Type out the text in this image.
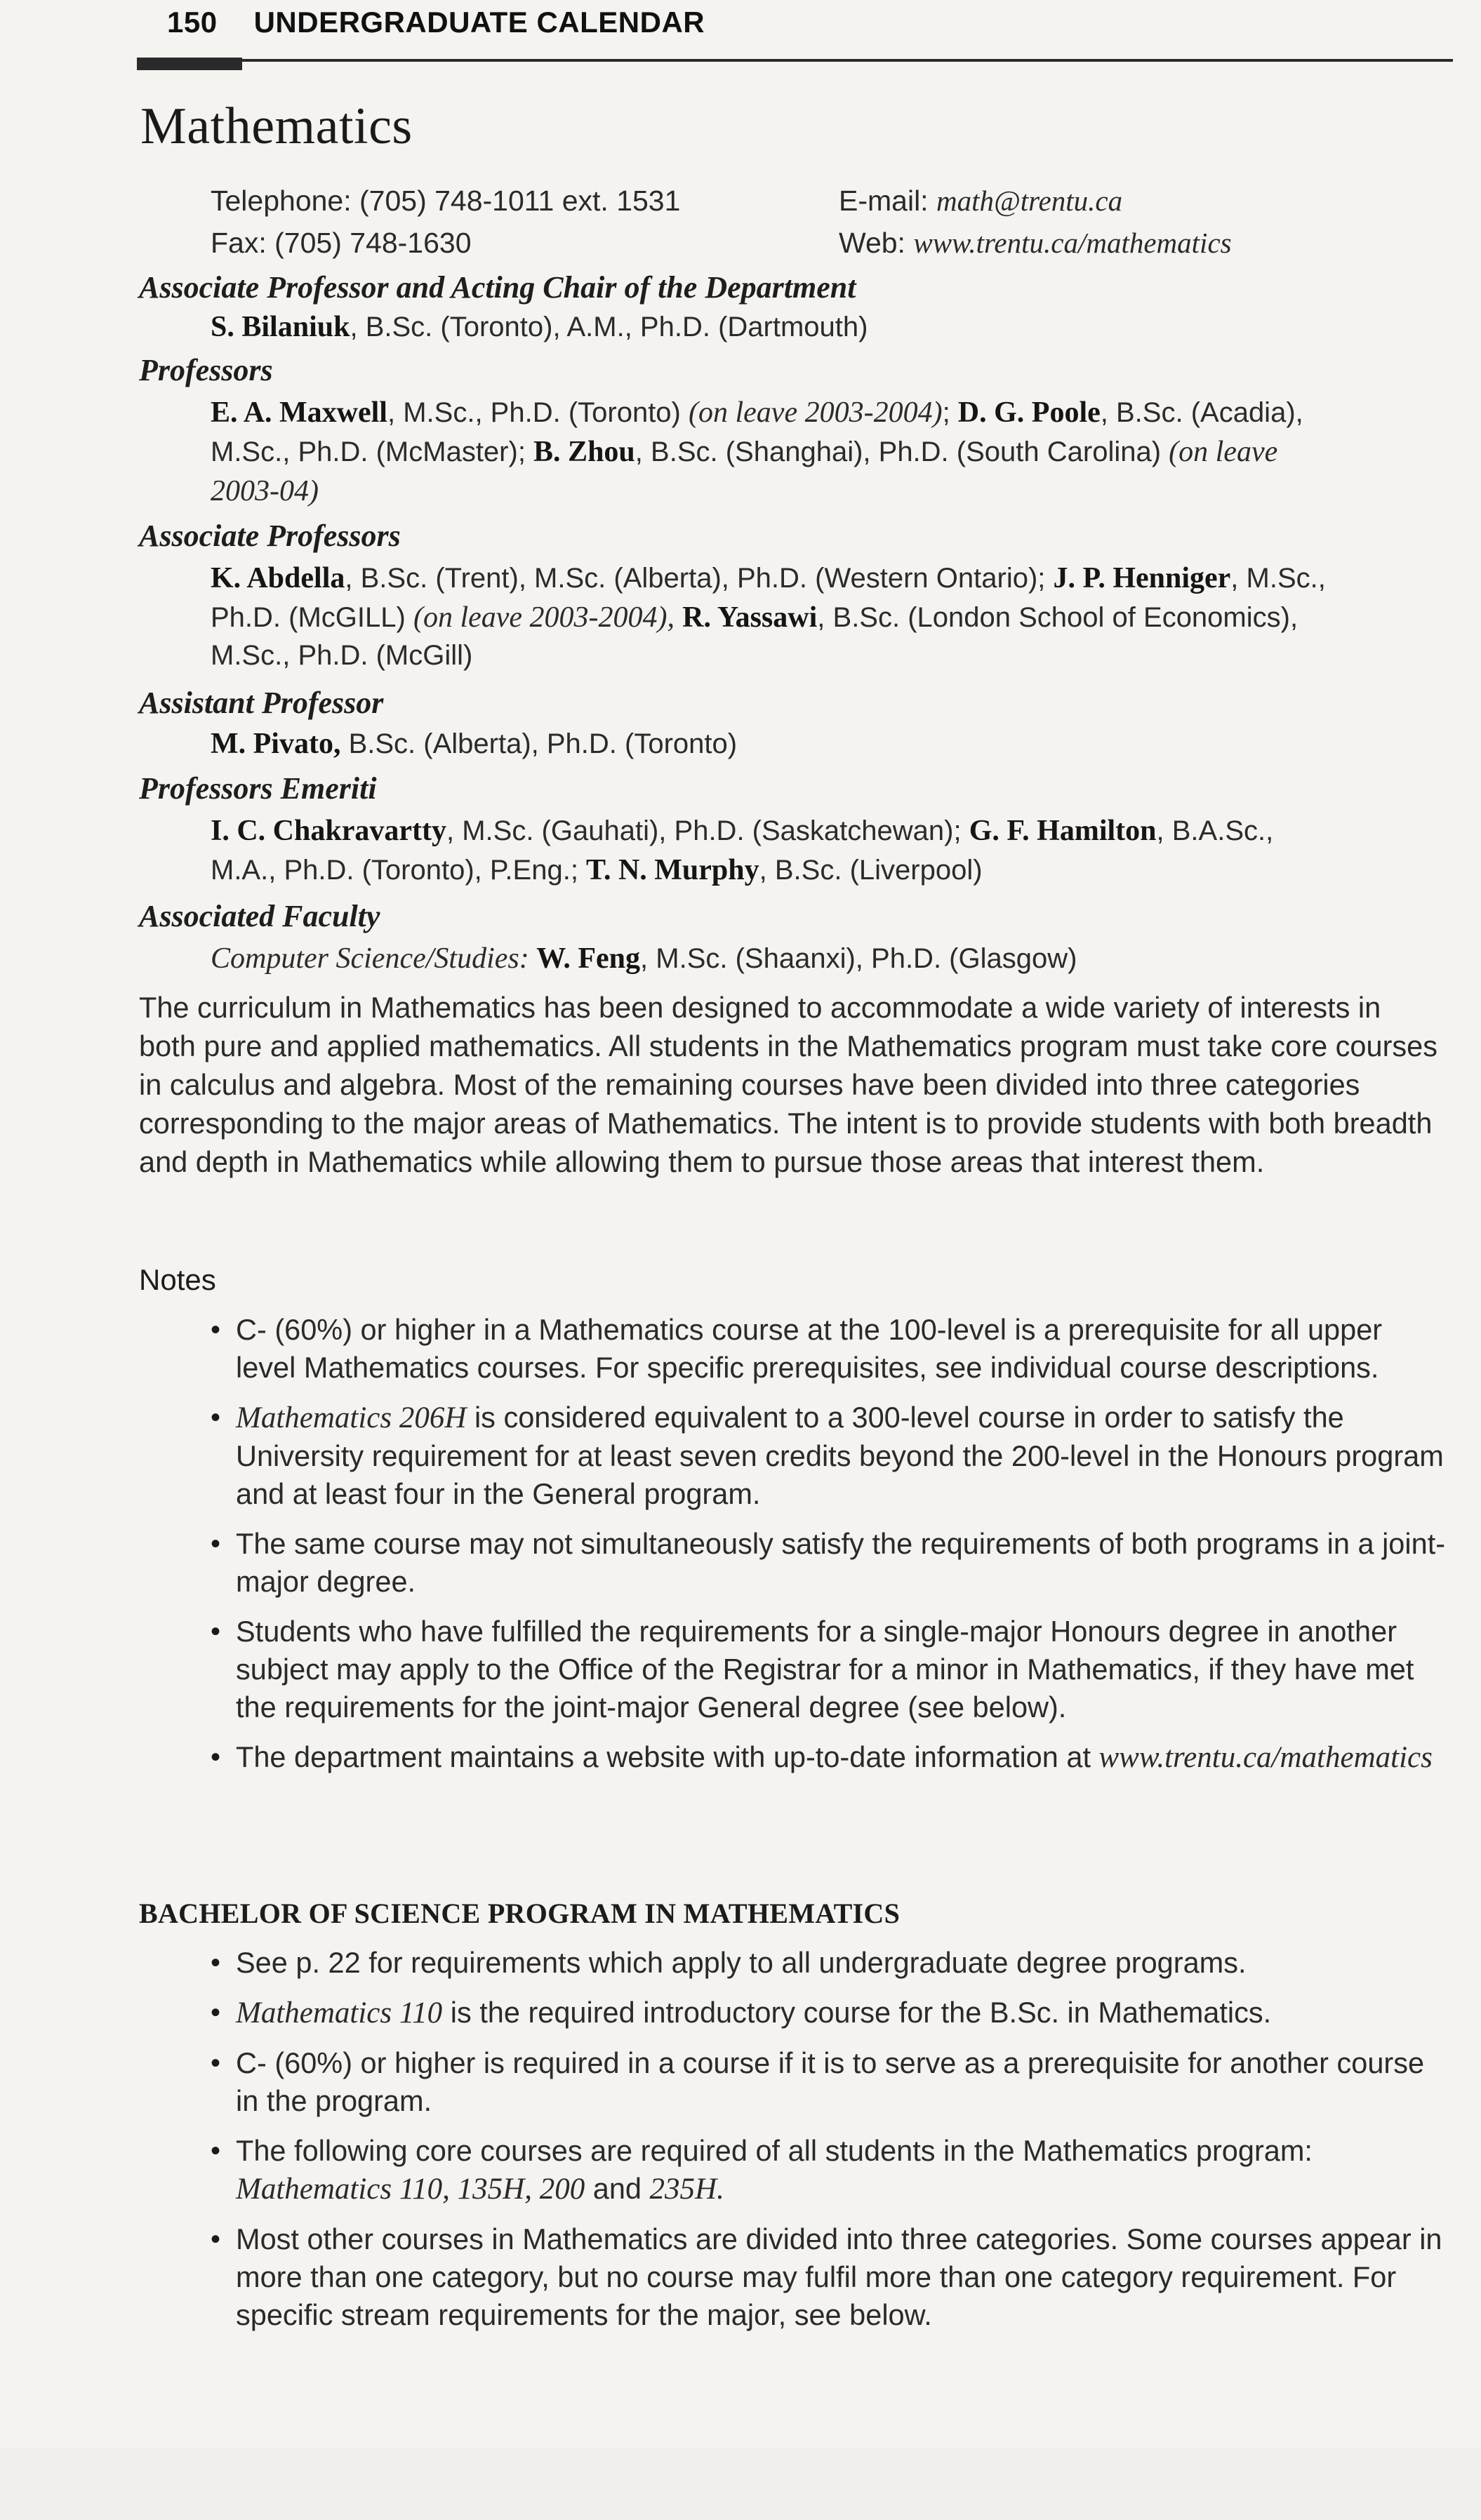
150 UNDERGRADUATE CALENDAR
Mathematics
Telephone: (705) 748-1011 ext. 1531
Fax: (705) 748-1630
E-mail: math@trentu.ca
Web: www.trentu.ca/mathematics
Associate Professor and Acting Chair of the Department
S. Bilaniuk, B.Sc. (Toronto), A.M., Ph.D. (Dartmouth)
Professors
E. A. Maxwell, M.Sc., Ph.D. (Toronto) (on leave 2003-2004); D. G. Poole, B.Sc. (Acadia),
M.Sc., Ph.D. (McMaster); B. Zhou, B.Sc. (Shanghai), Ph.D. (South Carolina) (on leave
2003-04)
Associate Professors
K. Abdella, B.Sc. (Trent), M.Sc. (Alberta), Ph.D. (Western Ontario); J. P. Henniger, M.Sc.,
Ph.D. (McGILL) (on leave 2003-2004), R. Yassawi, B.Sc. (London School of Economics),
M.Sc., Ph.D. (McGill)
Assistant Professor
M. Pivato, B.Sc. (Alberta), Ph.D. (Toronto)
Professors Emeriti
I. C. Chakravartty, M.Sc. (Gauhati), Ph.D. (Saskatchewan); G. F. Hamilton, B.A.Sc.,
M.A., Ph.D. (Toronto), P.Eng.; T. N. Murphy, B.Sc. (Liverpool)
Associated Faculty
Computer Science/Studies: W. Feng, M.Sc. (Shaanxi), Ph.D. (Glasgow)
The curriculum in Mathematics has been designed to accommodate a wide variety of interests in both pure and applied mathematics. All students in the Mathematics program must take core courses in calculus and algebra. Most of the remaining courses have been divided into three categories corresponding to the major areas of Mathematics. The intent is to provide students with both breadth and depth in Mathematics while allowing them to pursue those areas that interest them.
Notes
• C- (60%) or higher in a Mathematics course at the 100-level is a prerequisite for all upper level Mathematics courses. For specific prerequisites, see individual course descriptions.
• Mathematics 206H is considered equivalent to a 300-level course in order to satisfy the University requirement for at least seven credits beyond the 200-level in the Honours program and at least four in the General program.
• The same course may not simultaneously satisfy the requirements of both programs in a joint-major degree.
• Students who have fulfilled the requirements for a single-major Honours degree in another subject may apply to the Office of the Registrar for a minor in Mathematics, if they have met the requirements for the joint-major General degree (see below).
• The department maintains a website with up-to-date information at www.trentu.ca/mathematics
BACHELOR OF SCIENCE PROGRAM IN MATHEMATICS
• See p. 22 for requirements which apply to all undergraduate degree programs.
• Mathematics 110 is the required introductory course for the B.Sc. in Mathematics.
• C- (60%) or higher is required in a course if it is to serve as a prerequisite for another course in the program.
• The following core courses are required of all students in the Mathematics program: Mathematics 110, 135H, 200 and 235H.
• Most other courses in Mathematics are divided into three categories. Some courses appear in more than one category, but no course may fulfil more than one category requirement. For specific stream requirements for the major, see below.
